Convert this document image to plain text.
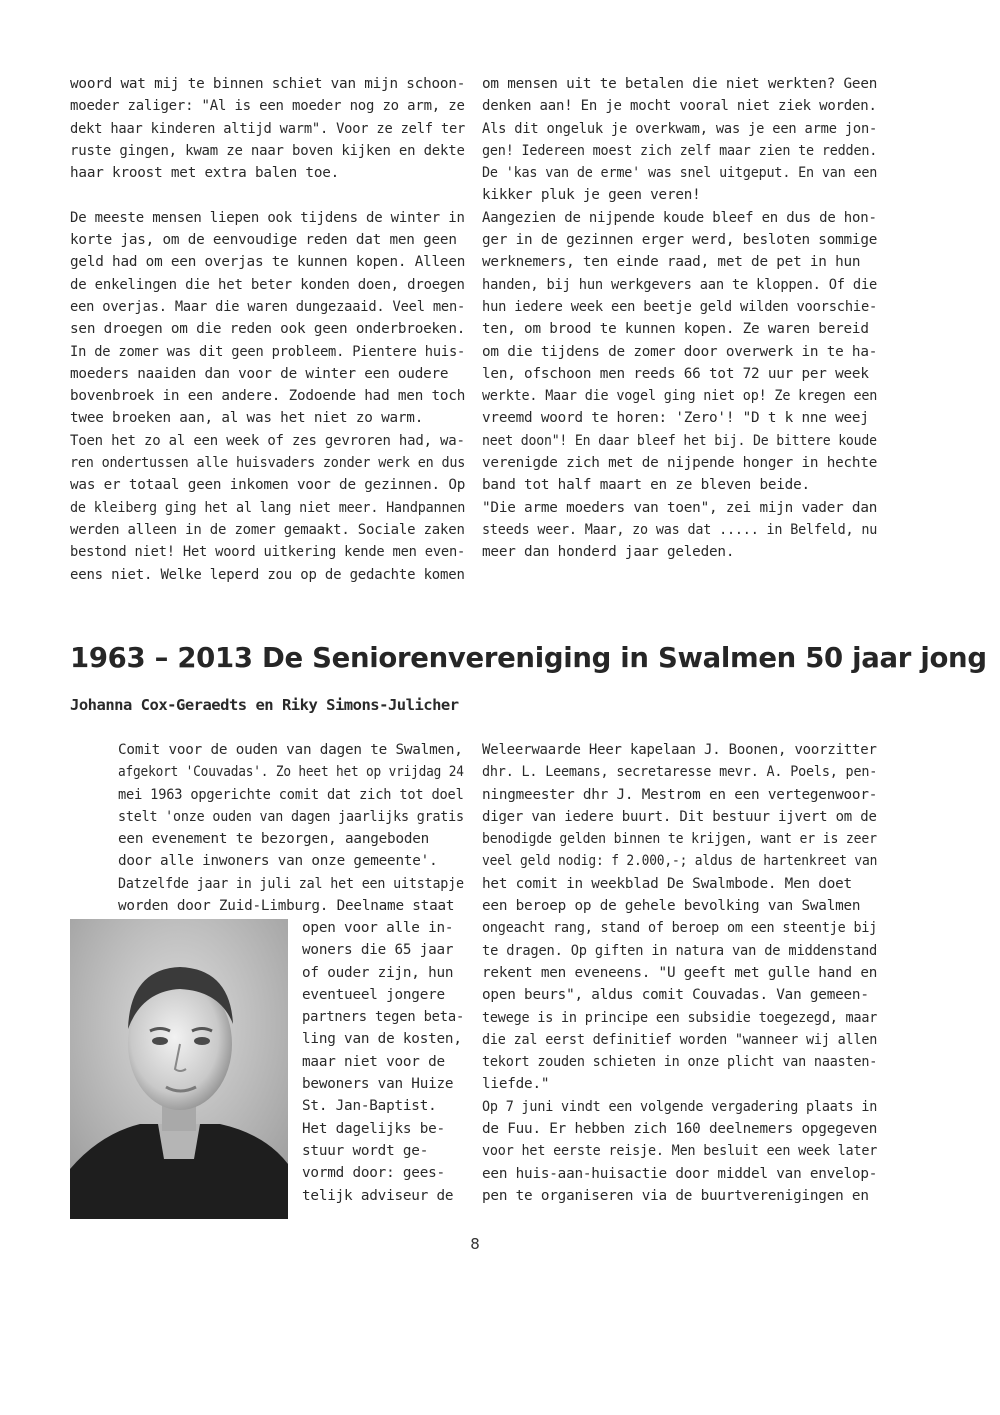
woord wat mij te binnen schiet van mijn schoon-
moeder zaliger: "Al is een moeder nog zo arm, ze
dekt haar kinderen altijd warm". Voor ze zelf ter
ruste gingen, kwam ze naar boven kijken en dekte
haar kroost met extra balen toe.
De meeste mensen liepen ook tijdens de winter in
korte jas, om de eenvoudige reden dat men geen
geld had om een overjas te kunnen kopen. Alleen
de enkelingen die het beter konden doen, droegen
een overjas. Maar die waren dungezaaid. Veel men-
sen droegen om die reden ook geen onderbroeken.
In de zomer was dit geen probleem. Pientere huis-
moeders naaiden dan voor de winter een oudere
bovenbroek in een andere. Zodoende had men toch
twee broeken aan, al was het niet zo warm.
Toen het zo al een week of zes gevroren had, wa-
ren ondertussen alle huisvaders zonder werk en dus
was er totaal geen inkomen voor de gezinnen. Op
de kleiberg ging het al lang niet meer. Handpannen
werden alleen in de zomer gemaakt. Sociale zaken
bestond niet! Het woord uitkering kende men even-
eens niet. Welke leperd zou op de gedachte komen
om mensen uit te betalen die niet werkten? Geen
denken aan! En je mocht vooral niet ziek worden.
Als dit ongeluk je overkwam, was je een arme jon-
gen! Iedereen moest zich zelf maar zien te redden.
De 'kas van de erme' was snel uitgeput. En van een
kikker pluk je geen veren!
Aangezien de nijpende koude bleef en dus de hon-
ger in de gezinnen erger werd, besloten sommige
werknemers, ten einde raad, met de pet in hun
handen, bij hun werkgevers aan te kloppen. Of die
hun iedere week een beetje geld wilden voorschie-
ten, om brood te kunnen kopen. Ze waren bereid
om die tijdens de zomer door overwerk in te ha-
len, ofschoon men reeds 66 tot 72 uur per week
werkte. Maar die vogel ging niet op! Ze kregen een
vreemd woord te horen: 'Zero'! "D t k nne weej
neet doon"! En daar bleef het bij. De bittere koude
verenigde zich met de nijpende honger in hechte
band tot half maart en ze bleven beide.
"Die arme moeders van toen", zei mijn vader dan
steeds weer. Maar, zo was dat ..... in Belfeld, nu
meer dan honderd jaar geleden.
1963 – 2013 De Seniorenvereniging in Swalmen 50 jaar jong
Johanna Cox-Geraedts en Riky Simons-Julicher
Comit voor de ouden van dagen te Swalmen,
afgekort 'Couvadas'. Zo heet het op vrijdag 24
mei 1963 opgerichte comit dat zich tot doel
stelt 'onze ouden van dagen jaarlijks gratis
een evenement te bezorgen, aangeboden
door alle inwoners van onze gemeente'.
Datzelfde jaar in juli zal het een uitstapje
worden door Zuid-Limburg. Deelname staat
open voor alle in-
woners die 65 jaar
of ouder zijn, hun
eventueel jongere
partners tegen beta-
ling van de kosten,
maar niet voor de
bewoners van Huize
St. Jan-Baptist.
Het dagelijks be-
stuur wordt ge-
vormd door: gees-
telijk adviseur de
Weleerwaarde Heer kapelaan J. Boonen, voorzitter
dhr. L. Leemans, secretaresse mevr. A. Poels, pen-
ningmeester dhr J. Mestrom en een vertegenwoor-
diger van iedere buurt. Dit bestuur ijvert om de
benodigde gelden binnen te krijgen, want er is zeer
veel geld nodig: f 2.000,-; aldus de hartenkreet van
het comit in weekblad De Swalmbode. Men doet
een beroep op de gehele bevolking van Swalmen
ongeacht rang, stand of beroep om een steentje bij
te dragen. Op giften in natura van de middenstand
rekent men eveneens. "U geeft met gulle hand en
open beurs", aldus comit Couvadas. Van gemeen-
tewege is in principe een subsidie toegezegd, maar
die zal eerst definitief worden "wanneer wij allen
tekort zouden schieten in onze plicht van naasten-
liefde."
Op 7 juni vindt een volgende vergadering plaats in
de Fuu. Er hebben zich 160 deelnemers opgegeven
voor het eerste reisje. Men besluit een week later
een huis-aan-huisactie door middel van envelop-
pen te organiseren via de buurtverenigingen en
8
